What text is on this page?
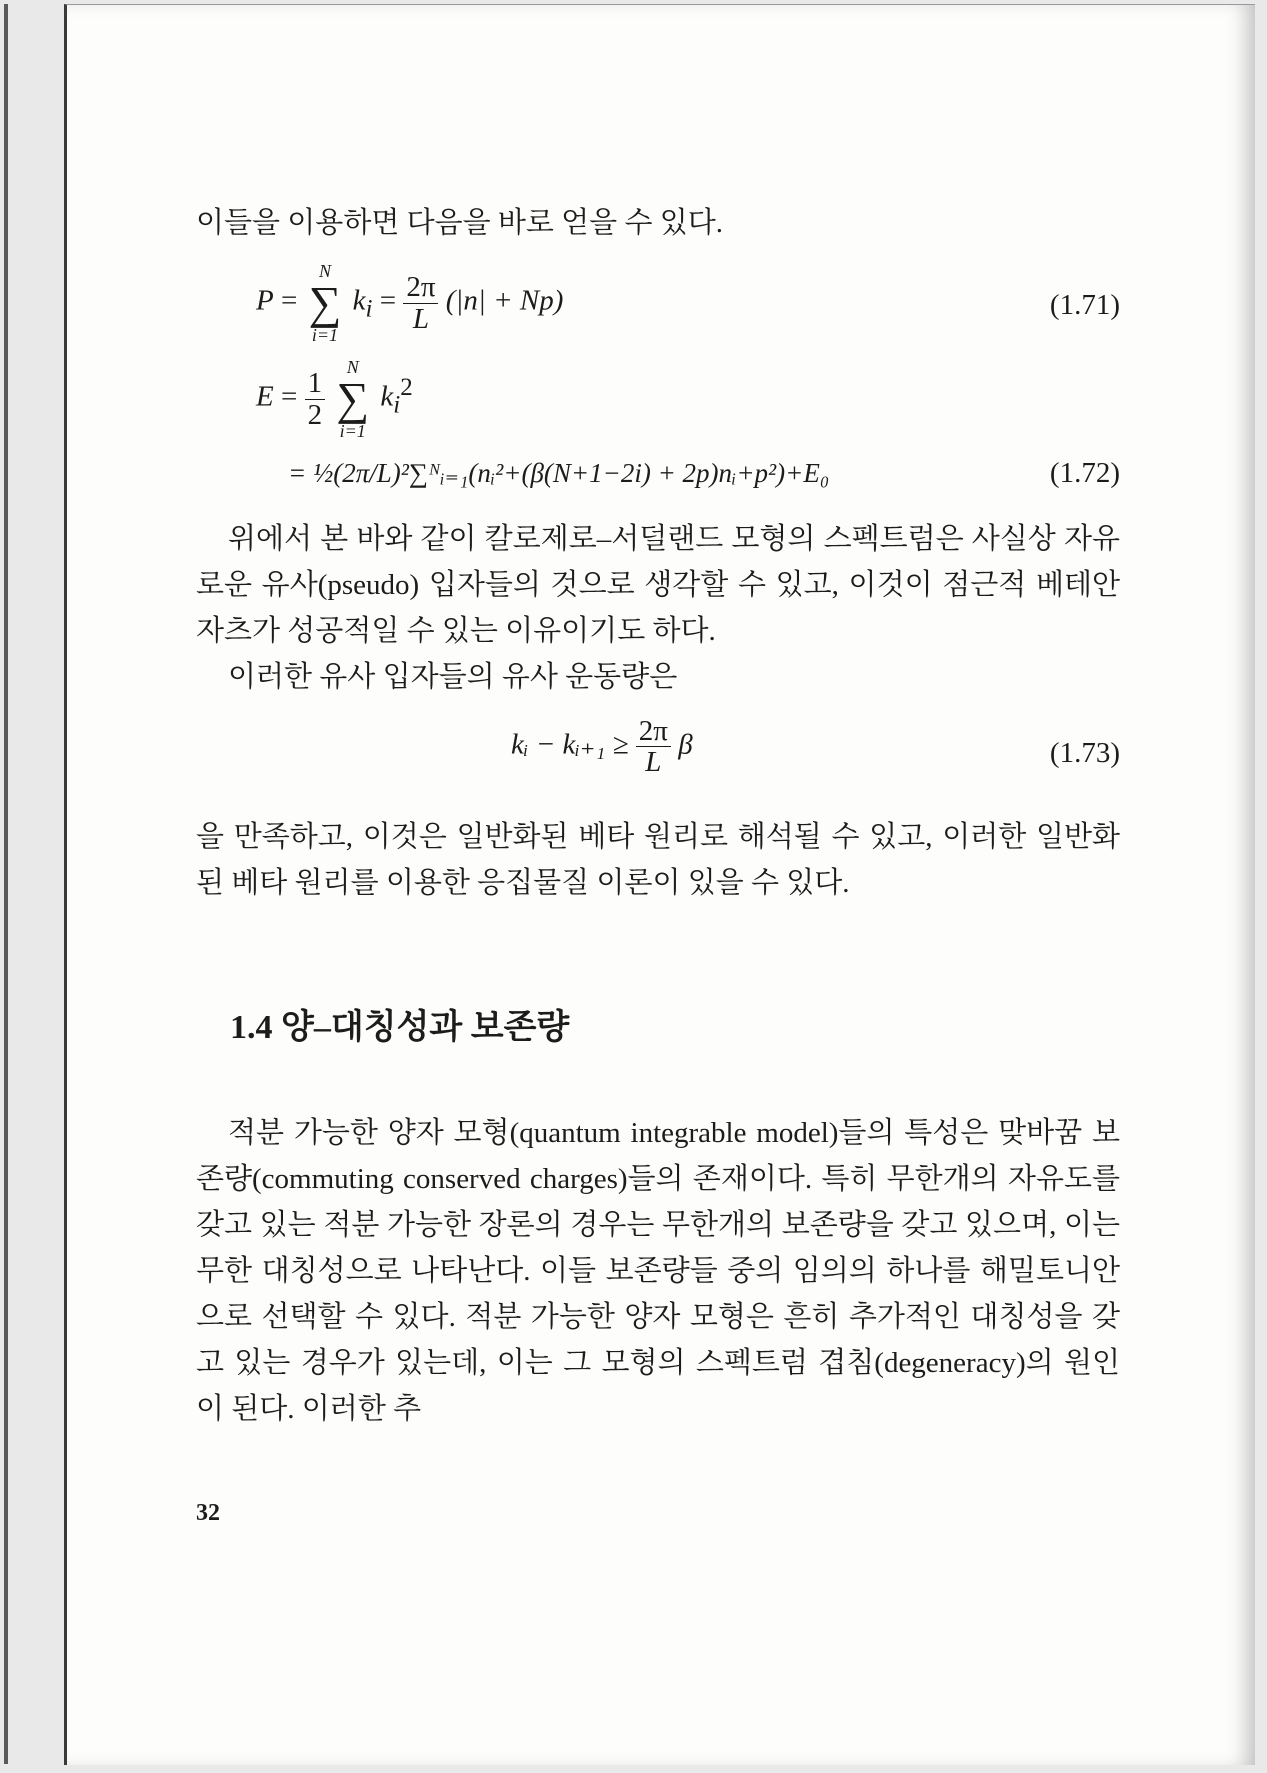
이들을 이용하면 다음을 바로 얻을 수 있다.

P =
N
∑
i=1
$k_i = \frac{2\pi}{L} (|n| + Np)$	(1.71)
$E = \frac{1}{2}$

N
∑
i=1
$k_i^2$
= ½(2π/L)²∑ᴺᵢ₌₁(nᵢ²+(β(N+1−2i) + 2p)nᵢ+p²)+E₀	(1.72)

위에서 본 바와 같이 칼로제로–서덜랜드 모형의 스펙트럼은 사실상 자유로운 유사(pseudo) 입자들의 것으로 생각할 수 있고, 이것이 점근적 베테안자츠가 성공적일 수 있는 이유이기도 하다.

이러한 유사 입자들의 유사 운동량은

kᵢ − kᵢ₊₁ ≥ $\frac{2\pi}{L}$ β	(1.73)

을 만족하고, 이것은 일반화된 베타 원리로 해석될 수 있고, 이러한 일반화된 베타 원리를 이용한 응집물질 이론이 있을 수 있다.

1.4 양–대칭성과 보존량

적분 가능한 양자 모형(quantum integrable model)들의 특성은 맞바꿈 보존량(commuting conserved charges)들의 존재이다. 특히 무한개의 자유도를 갖고 있는 적분 가능한 장론의 경우는 무한개의 보존량을 갖고 있으며, 이는 무한 대칭성으로 나타난다. 이들 보존량들 중의 임의의 하나를 해밀토니안으로 선택할 수 있다. 적분 가능한 양자 모형은 흔히 추가적인 대칭성을 갖고 있는 경우가 있는데, 이는 그 모형의 스펙트럼 겹침(degeneracy)의 원인이 된다. 이러한 추

32
